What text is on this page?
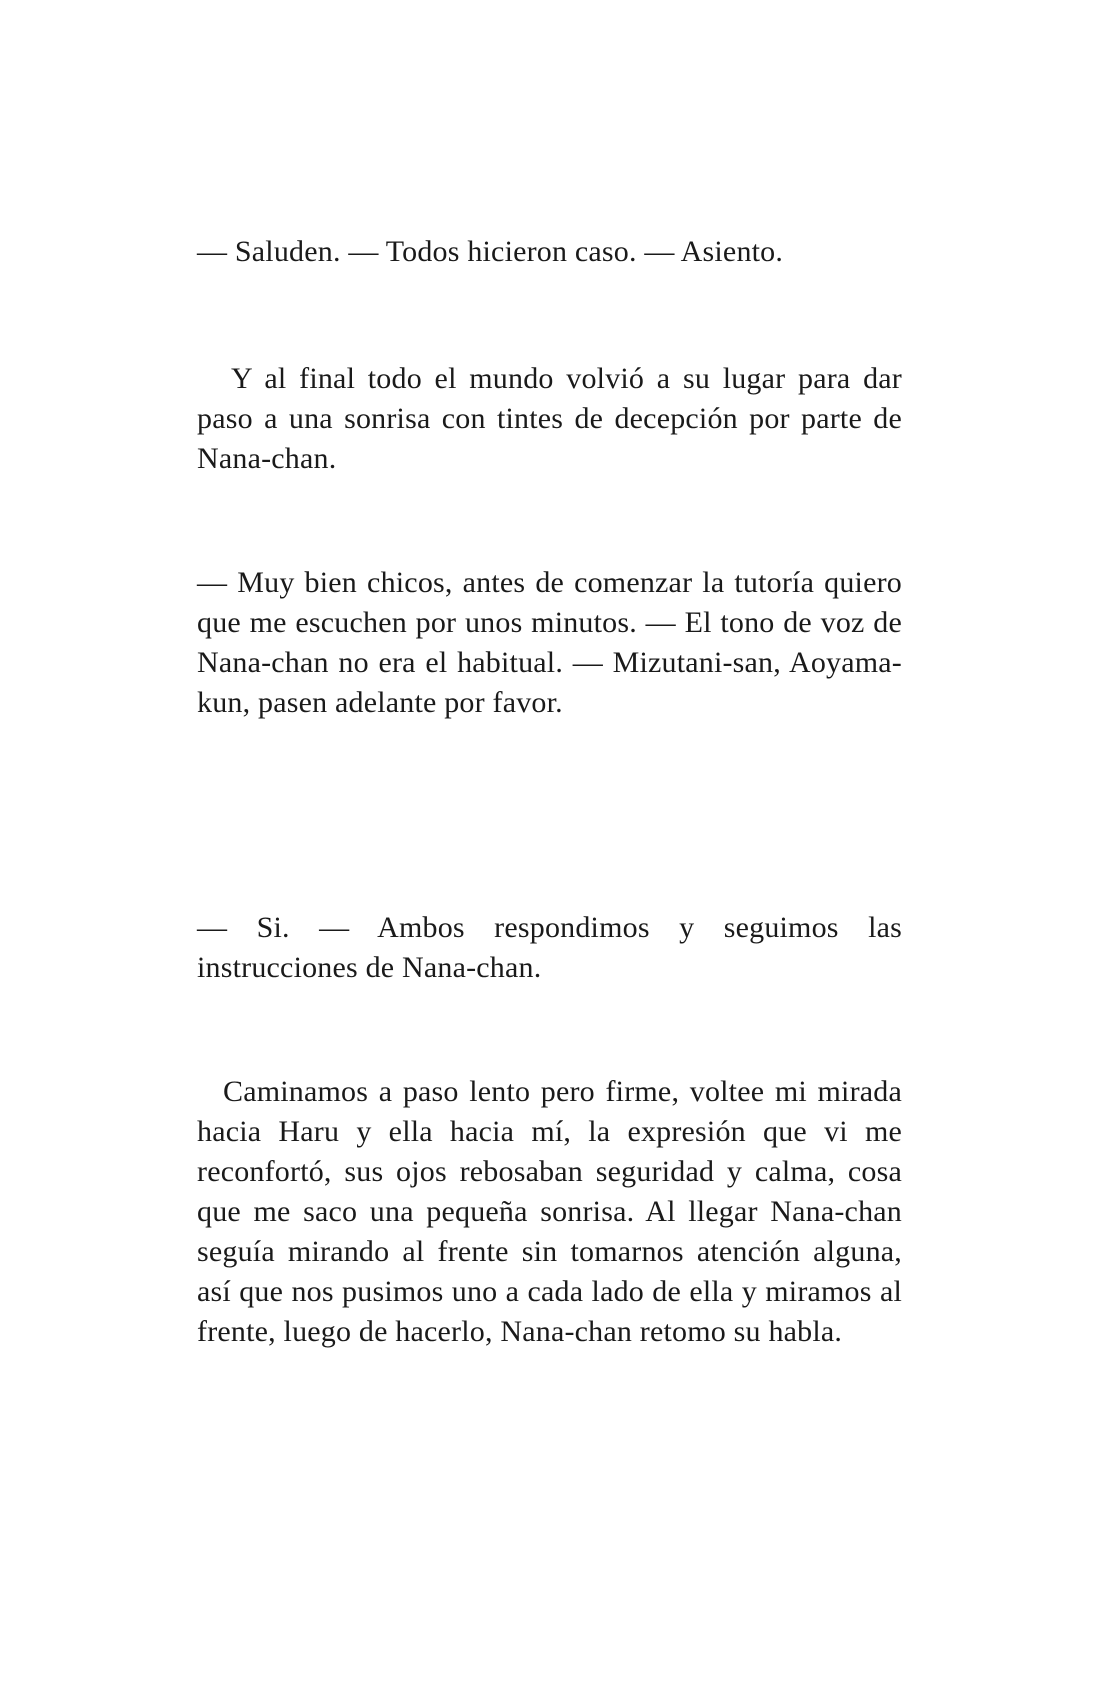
— Saluden. — Todos hicieron caso. — Asiento.

Y al final todo el mundo volvió a su lugar para dar paso a una sonrisa con tintes de decepción por parte de Nana-chan.

— Muy bien chicos, antes de comenzar la tutoría quiero que me escuchen por unos minutos. — El tono de voz de Nana-chan no era el habitual. — Mizutani-san, Aoyama-kun, pasen adelante por favor.

— Si. — Ambos respondimos y seguimos las instrucciones de Nana-chan.

Caminamos a paso lento pero firme, voltee mi mirada hacia Haru y ella hacia mí, la expresión que vi me reconfortó, sus ojos rebosaban seguridad y calma, cosa que me saco una pequeña sonrisa. Al llegar Nana-chan seguía mirando al frente sin tomarnos atención alguna, así que nos pusimos uno a cada lado de ella y miramos al frente, luego de hacerlo, Nana-chan retomo su habla.
